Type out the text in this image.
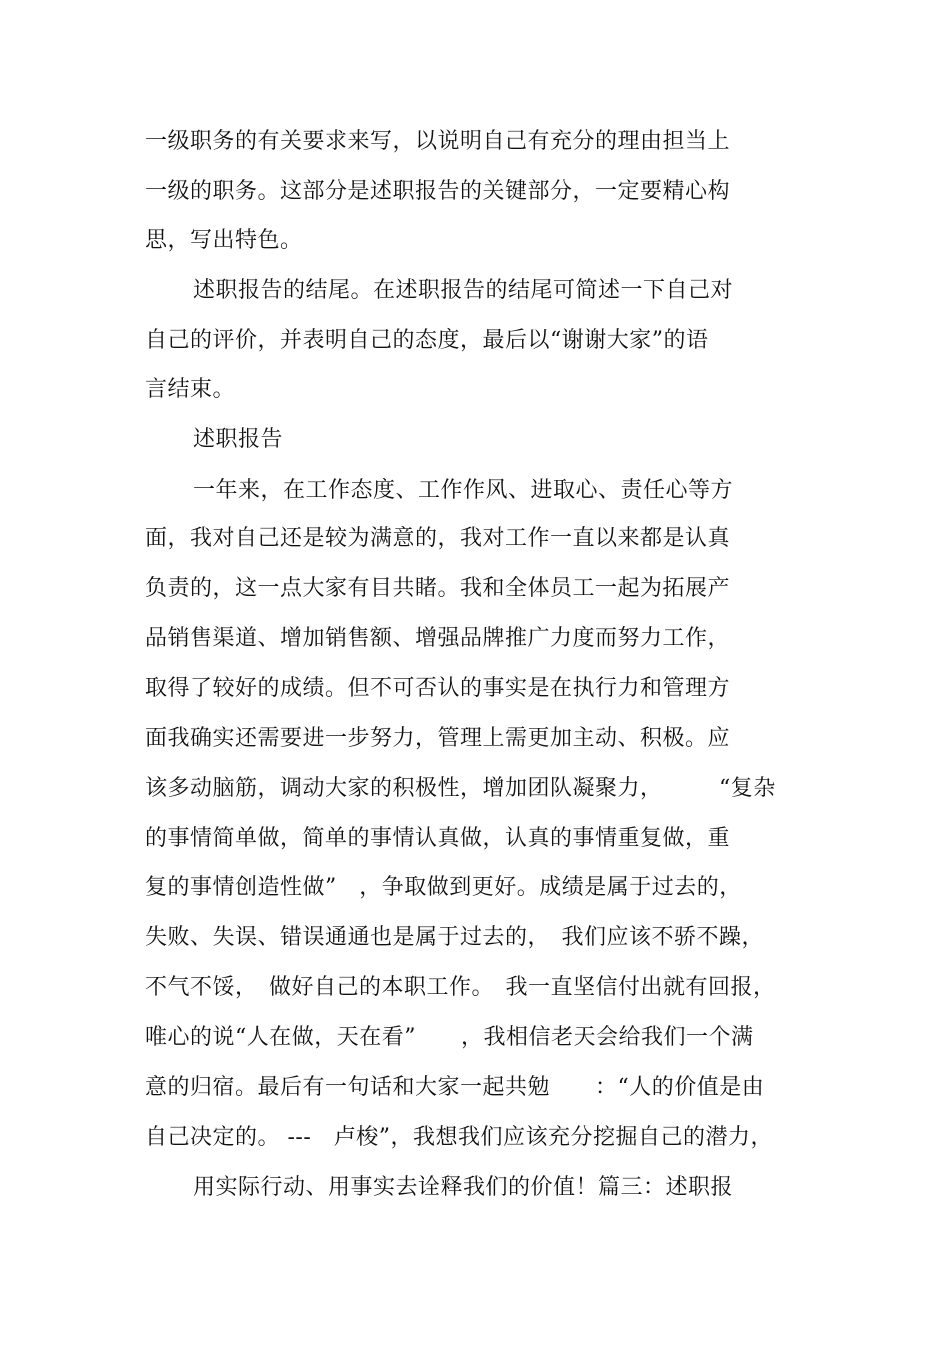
一级职务的有关要求来写，以说明自己有充分的理由担当上
一级的职务。这部分是述职报告的关键部分，一定要精心构
思，写出特色。
述职报告的结尾。在述职报告的结尾可简述一下自己对
自己的评价，并表明自己的态度，最后以“谢谢大家”的语
言结束。
述职报告
一年来，在工作态度、工作作风、进取心、责任心等方
面，我对自己还是较为满意的，我对工作一直以来都是认真
负责的，这一点大家有目共睹。我和全体员工一起为拓展产
品销售渠道、增加销售额、增强品牌推广力度而努力工作，
取得了较好的成绩。但不可否认的事实是在执行力和管理方
面我确实还需要进一步努力，管理上需更加主动、积极。应
该多动脑筋，调动大家的积极性，增加团队凝聚力，　　　“复杂
的事情简单做，简单的事情认真做，认真的事情重复做，重
复的事情创造性做”　，争取做到更好。成绩是属于过去的，
失败、失误、错误通通也是属于过去的，　我们应该不骄不躁，
不气不馁，　做好自己的本职工作。　我一直坚信付出就有回报，
唯心的说“人在做，天在看”　　，我相信老天会给我们一个满
意的归宿。最后有一句话和大家一起共勉　　：“人的价值是由
自己决定的。 ---　卢梭”，我想我们应该充分挖掘自己的潜力，
用实际行动、用事实去诠释我们的价值！篇三：述职报
